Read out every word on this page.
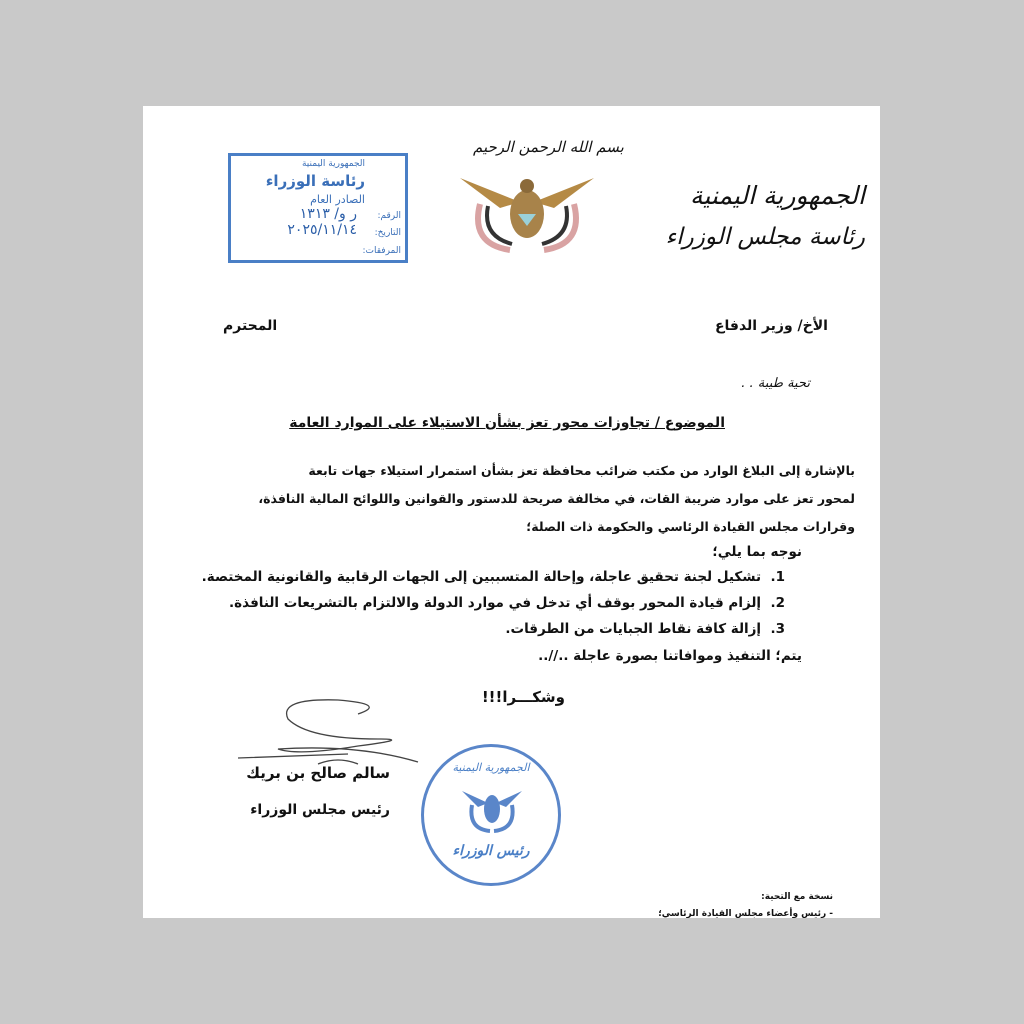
الجمهورية اليمنية
رئاسة مجلس الوزراء
بسم الله الرحمن الرحيم
الجمهورية اليمنية
رئاسة الوزراء
الصادر العام
الرقم:
ر و/ ١٣١٣
التاريخ:
٢٠٢٥/١١/١٤
المرفقات:
الأخ/ وزير الدفاع
المحترم
تحية طيبة . .
الموضوع / تجاوزات محور تعز بشأن الاستيلاء على الموارد العامة
بالإشارة إلى البلاغ الوارد من مكتب ضرائب محافظة تعز بشأن استمرار استيلاء جهات تابعة
لمحور تعز على موارد ضريبة القات، في مخالفة صريحة للدستور والقوانين واللوائح المالية النافذة،
وقرارات مجلس القيادة الرئاسي والحكومة ذات الصلة؛
نوجه بما يلي؛
1.  تشكيل لجنة تحقيق عاجلة، وإحالة المتسببين إلى الجهات الرقابية والقانونية المختصة.
2.  إلزام قيادة المحور بوقف أي تدخل في موارد الدولة والالتزام بالتشريعات النافذة.
3.  إزالة كافة نقاط الجبايات من الطرقات.
يتم؛ التنفيذ وموافاتنا بصورة عاجلة ..//..
وشكـــرا!!!
سالم صالح بن بريك
رئيس مجلس الوزراء
الجمهورية اليمنية
رئيس الوزراء
نسخة مع التحية:
- رئيس وأعضاء مجلس القيادة الرئاسي؛
